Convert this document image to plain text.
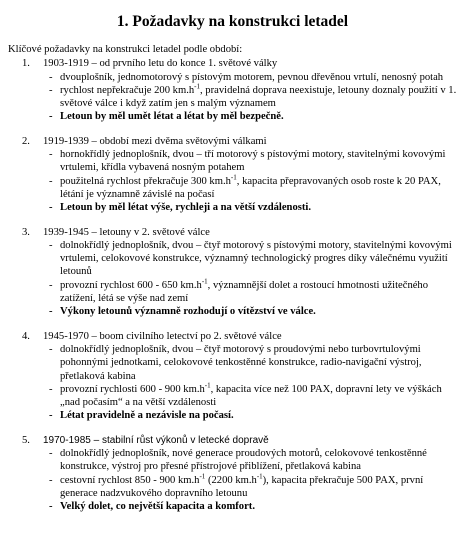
1. Požadavky na konstrukci letadel
Klíčové požadavky na konstrukci letadel podle období:
1.	1903-1919 – od prvního letu do konce 1. světové války
- dvouplošník, jednomotorový s pístovým motorem, pevnou dřevěnou vrtulí, nenosný potah
- rychlost nepřekračuje 200 $km.h^{-1}$, pravidelná doprava neexistuje, letouny doznaly použití v 1. světové válce i když zatím jen s malým významem
- Letoun by měl umět létat a létat by měl bezpečně.
2.	1919-1939 – období mezi dvěma světovými válkami
- hornokřídlý jednoplošník, dvou – tří motorový s pístovými motory, stavitelnými kovovými vrtulemi, křídla vybavená nosným potahem
- použitelná rychlost překračuje 300 $km.h^{-1}$, kapacita přepravovaných osob roste k 20 PAX, létání je významně závislé na počasí
- Letoun by měl létat výše, rychleji a na větší vzdálenosti.
3.	1939-1945 – letouny v 2. světové válce
- dolnokřídlý jednoplošník, dvou – čtyř motorový s pístovými motory, stavitelnými kovovými vrtulemi, celokovové konstrukce, významný technologický progres díky válečnému využití letounů
- provozní rychlost 600 - 650 $km.h^{-1}$, významnější dolet a rostoucí hmotnosti užitečného zatížení, létá se výše nad zemí
- Výkony letounů významně rozhodují o vítězství ve válce.
4.	1945-1970 – boom civilního letectví po 2. světové válce
- dolnokřídlý jednoplošník, dvou – čtyř motorový s proudovými nebo turbovrtulovými pohonnými jednotkami, celokovové tenkostěnné konstrukce, radio-navigační výstroj, přetlaková kabina
- provozní rychlosti 600 - 900 $km.h^{-1}$, kapacita více než 100 PAX, dopravní lety ve výškách „nad počasím“ a na větší vzdálenosti
- Létat pravidelně a nezávisle na počasí.
5.	1970-1985 – stabilní růst výkonů v letecké dopravě
- dolnokřídlý jednoplošník, nové generace proudových motorů, celokovové tenkostěnné konstrukce, výstroj pro přesné přístrojové přiblížení, přetlaková kabina
- cestovní rychlost 850 - 900 $km.h^{-1}$ (2200 $km.h^{-1}$), kapacita překračuje 500 PAX, první generace nadzvukového dopravního letounu
- Velký dolet, co největší kapacita a komfort.
